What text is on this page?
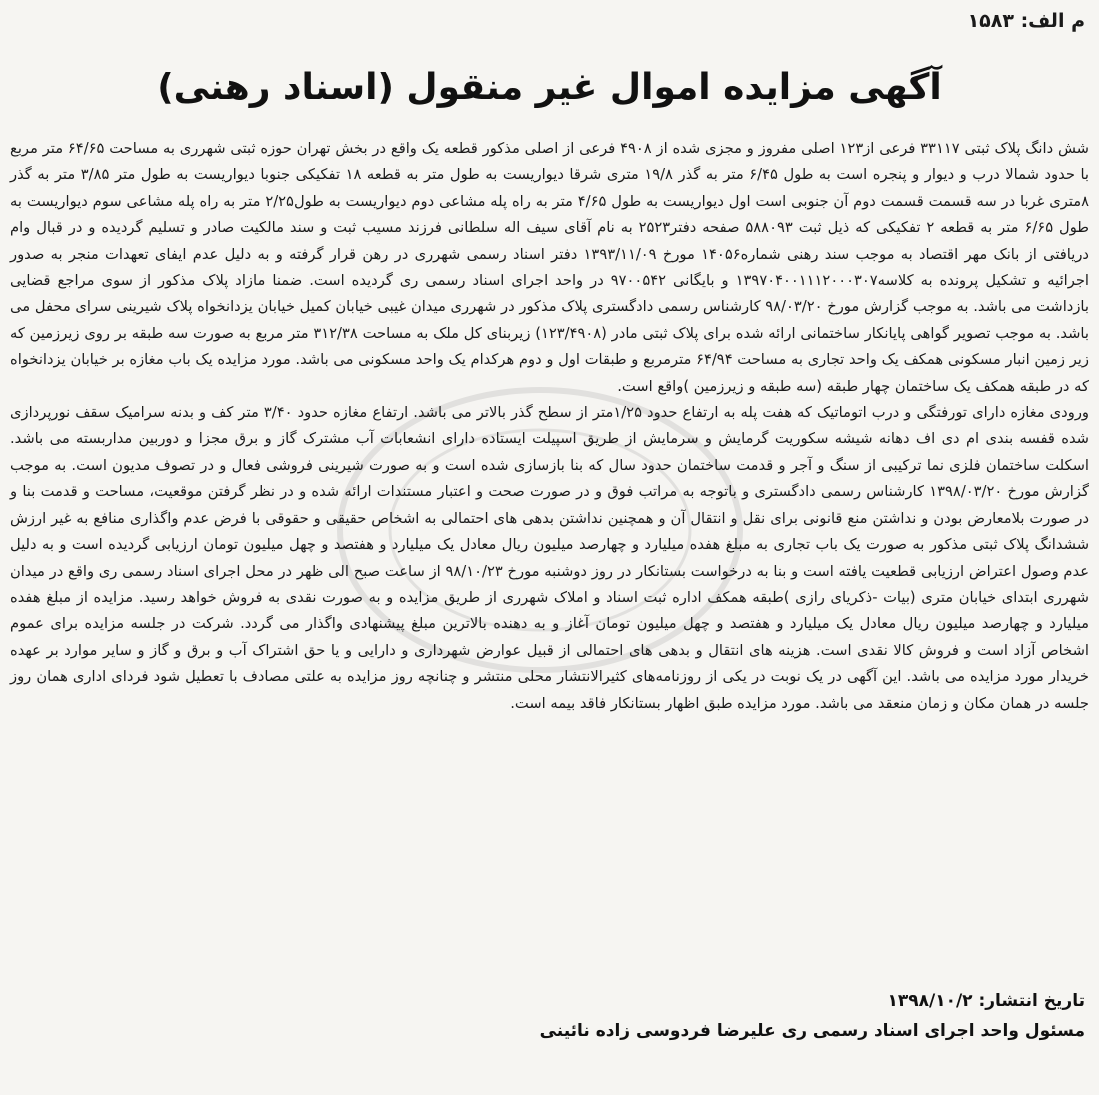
م الف: ۱۵۸۳
آگهی مزایده اموال غیر منقول (اسناد رهنی)

شش دانگ پلاک ثبتی ۳۳۱۱۷ فرعی از۱۲۳ اصلی مفروز و مجزی شده از ۴۹۰۸ فرعی از اصلی مذکور قطعه یک واقع در بخش تهران حوزه ثبتی شهرری به مساحت ۶۴/۶۵ متر مربع با حدود شمالا درب و دیوار و پنجره است به طول ۶/۴۵ متر به گذر ۱۹/۸ متری شرقا دیواریست به طول متر به قطعه ۱۸ تفکیکی جنوبا دیواریست به طول متر ۳/۸۵ متر به گذر ۸متری غربا در سه قسمت قسمت دوم آن جنوبی است اول دیواریست به طول ۴/۶۵ متر به راه پله مشاعی دوم دیواریست به طول۲/۲۵ متر به راه پله مشاعی سوم دیواریست به طول ۶/۶۵ متر به قطعه ۲ تفکیکی که ذیل ثبت ۵۸۸۰۹۳ صفحه دفتر۲۵۲۳ به نام آقای سیف اله سلطانی فرزند مسیب ثبت و سند مالکیت صادر و تسلیم گردیده و در قبال وام دریافتی از بانک مهر اقتصاد به موجب سند رهنی شماره۱۴۰۵۶ مورخ ۱۳۹۳/۱۱/۰۹ دفتر اسناد رسمی شهرری در رهن قرار گرفته و به دلیل عدم ایفای تعهدات منجر به صدور اجرائیه و تشکیل پرونده به کلاسه۱۳۹۷۰۴۰۰۱۱۱۲۰۰۰۳۰۷ و بایگانی ۹۷۰۰۵۴۲ در واحد اجرای اسناد رسمی ری گردیده است. ضمنا مازاد پلاک مذکور از سوی مراجع قضایی بازداشت می باشد. به موجب گزارش مورخ ۹۸/۰۳/۲۰ کارشناس رسمی دادگستری پلاک مذکور در شهرری میدان غیبی خیابان کمیل خیابان یزدانخواه پلاک شیرینی سرای محفل می باشد. به موجب تصویر گواهی پایانکار ساختمانی ارائه شده برای پلاک ثبتی مادر (۱۲۳/۴۹۰۸) زیربنای کل ملک به مساحت ۳۱۲/۳۸ متر مربع به صورت سه طبقه بر روی زیرزمین که زیر زمین انبار مسکونی همکف یک واحد تجاری به مساحت ۶۴/۹۴ مترمربع و طبقات اول و دوم هرکدام یک واحد مسکونی می باشد. مورد مزایده یک باب مغازه بر خیابان یزدانخواه که در طبقه همکف یک ساختمان چهار طبقه (سه طبقه و زیرزمین )واقع است.

ورودی مغازه دارای تورفتگی و درب اتوماتیک که هفت پله به ارتفاع حدود ۱/۲۵متر از سطح گذر بالاتر می باشد. ارتفاع مغازه حدود ۳/۴۰ متر کف و بدنه سرامیک سقف نورپردازی شده قفسه بندی ام دی اف دهانه شیشه سکوریت گرمایش و سرمایش از طریق اسپیلت ایستاده دارای انشعابات آب مشترک گاز و برق مجزا و دوربین مداربسته می باشد. اسکلت ساختمان فلزی نما ترکیبی از سنگ و آجر و قدمت ساختمان حدود سال که بنا بازسازی شده است و به صورت شیرینی فروشی فعال و در تصوف مدیون است. به موجب گزارش مورخ ۱۳۹۸/۰۳/۲۰ کارشناس رسمی دادگستری و باتوجه به مراتب فوق و در صورت صحت و اعتبار مستندات ارائه شده و در نظر گرفتن موقعیت، مساحت و قدمت بنا و در صورت بلامعارض بودن و نداشتن منع قانونی برای نقل و انتقال آن و همچنین نداشتن بدهی های احتمالی به اشخاص حقیقی و حقوقی با فرض عدم واگذاری منافع به غیر ارزش ششدانگ پلاک ثبتی مذکور به صورت یک باب تجاری به مبلغ هفده میلیارد و چهارصد میلیون ریال معادل یک میلیارد و هفتصد و چهل میلیون تومان ارزیابی گردیده است و به دلیل عدم وصول اعتراض ارزیابی قطعیت یافته است و بنا به درخواست بستانکار در روز دوشنبه مورخ ۹۸/۱۰/۲۳ از ساعت صبح الی ظهر در محل اجرای اسناد رسمی ری واقع در میدان شهرری ابتدای خیابان متری (بیات -ذکریای رازی )طبقه همکف اداره ثبت اسناد و املاک شهرری از طریق مزایده و به صورت نقدی به فروش خواهد رسید. مزایده از مبلغ هفده میلیارد و چهارصد میلیون ریال معادل یک میلیارد و هفتصد و چهل میلیون تومان آغاز و به دهنده بالاترین مبلغ پیشنهادی واگذار می گردد. شرکت در جلسه مزایده برای عموم اشخاص آزاد است و فروش کالا نقدی است. هزینه های انتقال و بدهی های احتمالی از قبیل عوارض شهرداری و دارایی و یا حق اشتراک آب و برق و گاز و سایر موارد بر عهده خریدار مورد مزایده می باشد. این آگهی در یک نوبت در یکی از روزنامه‌های کثیرالانتشار محلی منتشر و چنانچه روز مزایده به علتی مصادف با تعطیل شود فردای اداری همان روز جلسه در همان مکان و زمان منعقد می باشد. مورد مزایده طبق اظهار بستانکار فاقد بیمه است.

تاریخ انتشار: ۱۳۹۸/۱۰/۲
مسئول واحد اجرای اسناد رسمی ری علیرضا فردوسی زاده نائینی
